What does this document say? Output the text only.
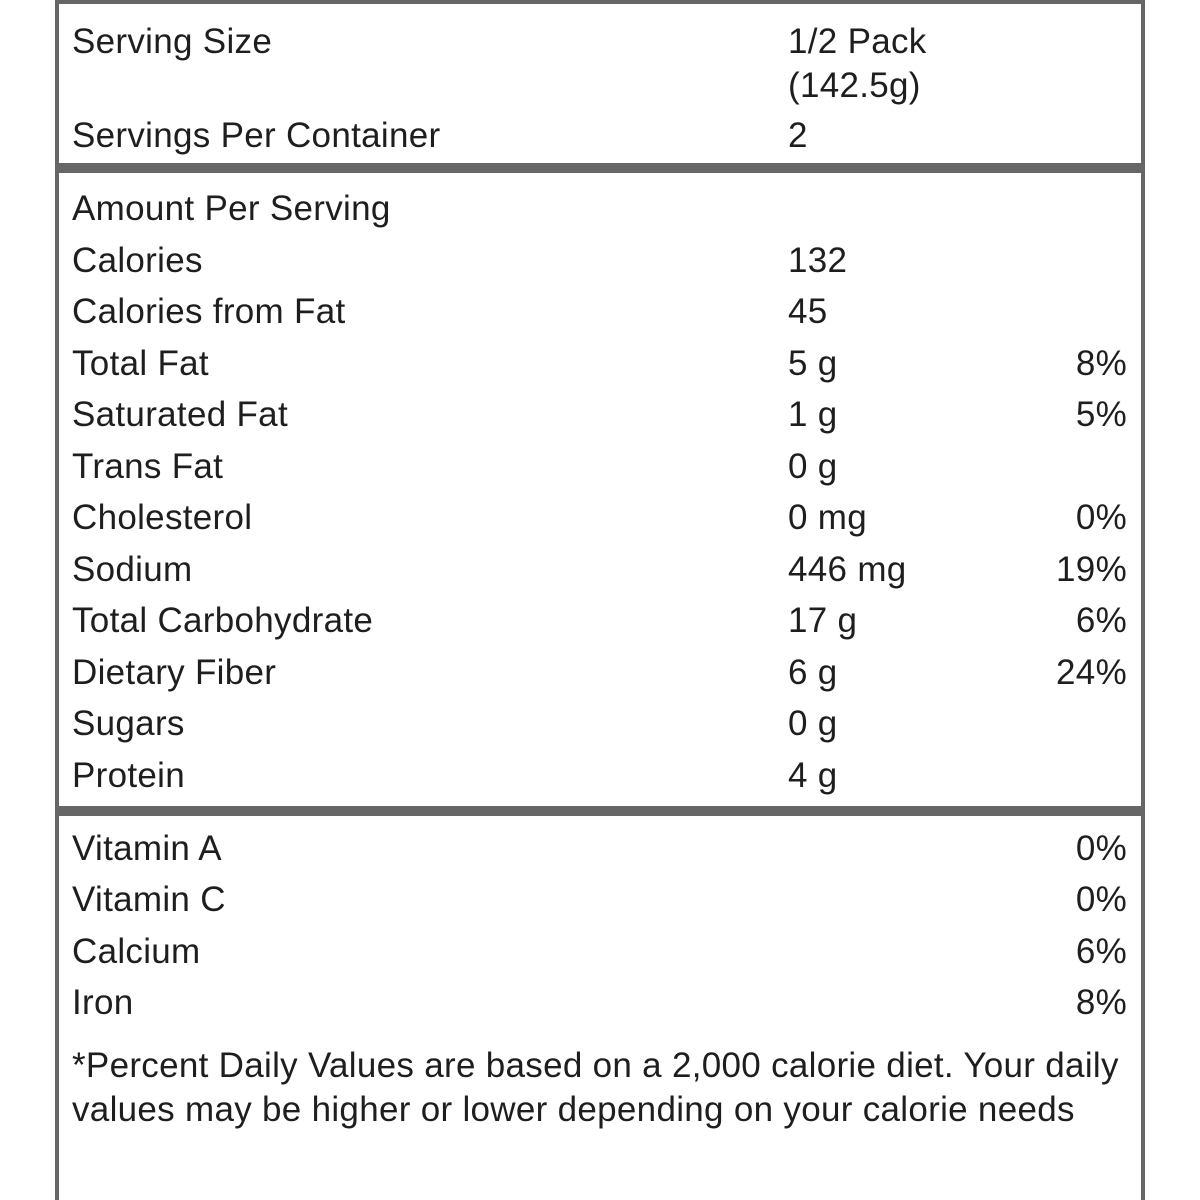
Serving Size	1/2 Pack
(142.5g)
Servings Per Container	2
Amount Per Serving
Calories	132
Calories from Fat	45
Total Fat	5 g	8%
Saturated Fat	1 g	5%
Trans Fat	0 g
Cholesterol	0 mg	0%
Sodium	446 mg	19%
Total Carbohydrate	17 g	6%
Dietary Fiber	6 g	24%
Sugars	0 g
Protein	4 g
Vitamin A	0%
Vitamin C	0%
Calcium	6%
Iron	8%
*Percent Daily Values are based on a 2,000 calorie diet. Your daily values may be higher or lower depending on your calorie needs
